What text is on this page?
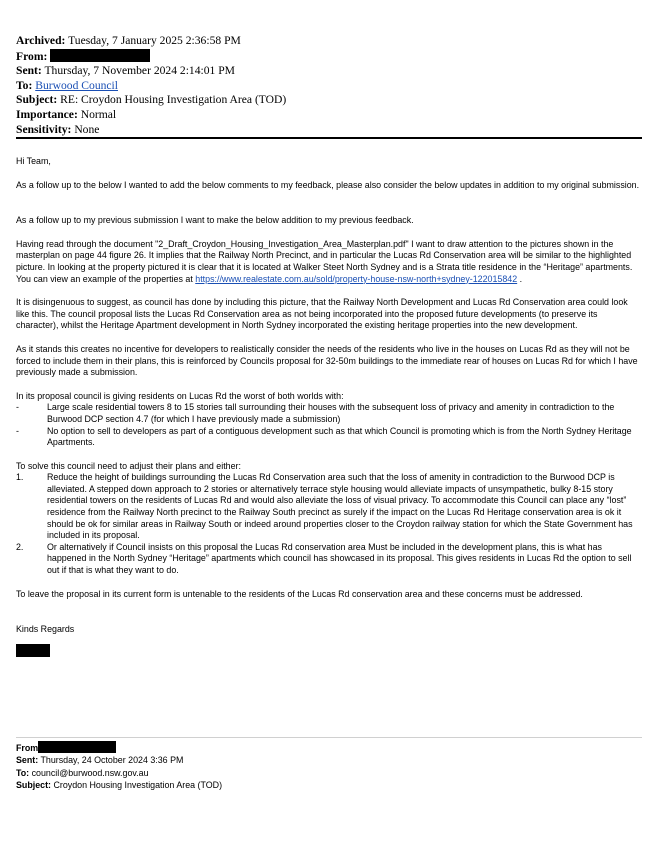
Archived: Tuesday, 7 January 2025 2:36:58 PM
From:
Sent: Thursday, 7 November 2024 2:14:01 PM
To: Burwood Council
Subject: RE: Croydon Housing Investigation Area (TOD)
Importance: Normal
Sensitivity: None

Hi Team,

As a follow up to the below I wanted to add the below comments to my feedback, please also consider the below updates in addition to my original submission.

As a follow up to my previous submission I want to make the below addition to my previous feedback.

Having read through the document "2_Draft_Croydon_Housing_Investigation_Area_Masterplan.pdf" I want to draw attention to the pictures shown in the masterplan on page 44 figure 26. It implies that the Railway North Precinct, and in particular the Lucas Rd Conservation area will be similar to the highlighted picture. In looking at the property pictured it is clear that it is located at Walker Steet North Sydney and is a Strata title residence in the “Heritage” apartments. You can view an example of the properties at https://www.realestate.com.au/sold/property-house-nsw-north+sydney-122015842 .

It is disingenuous to suggest, as council has done by including this picture, that the Railway North Development and Lucas Rd Conservation area could look like this. The council proposal lists the Lucas Rd Conservation area as not being incorporated into the proposed future developments (to preserve its character), whilst the Heritage Apartment development in North Sydney incorporated the existing heritage properties into the new development.

As it stands this creates no incentive for developers to realistically consider the needs of the residents who live in the houses on Lucas Rd as they will not be forced to include them in their plans, this is reinforced by Councils proposal for 32-50m buildings to the immediate rear of houses on Lucas Rd for which I have previously made a submission.

In its proposal council is giving residents on Lucas Rd the worst of both worlds with:

-	Large scale residential towers 8 to 15 stories tall surrounding their houses with the subsequent loss of privacy and amenity in contradiction to the Burwood DCP section 4.7 (for which I have previously made a submission)
-	No option to sell to developers as part of a contiguous development such as that which Council is promoting which is from the North Sydney Heritage Apartments.

To solve this council need to adjust their plans and either:

1.	Reduce the height of buildings surrounding the Lucas Rd Conservation area such that the loss of amenity in contradiction to the Burwood DCP is alleviated. A stepped down approach to 2 stories or alternatively terrace style housing would alleviate impacts of unsympathetic, bulky 8-15 story residential towers on the residents of Lucas Rd and would also alleviate the loss of visual privacy. To accommodate this Council can place any “lost” residence from the Railway North precinct to the Railway South precinct as surely if the impact on the Lucas Rd Heritage conservation area is ok it should be ok for similar areas in Railway South or indeed around properties closer to the Croydon railway station for which the State Government has included in its proposal.
2.	Or alternatively if Council insists on this proposal the Lucas Rd conservation area Must be included in the development plans, this is what has happened in the North Sydney “Heritage” apartments which council has showcased in its proposal. This gives residents in Lucas Rd the option to sell out if that is what they want to do.

To leave the proposal in its current form is untenable to the residents of the Lucas Rd conservation area and these concerns must be addressed.

Kinds Regards

From
Sent: Thursday, 24 October 2024 3:36 PM
To: council@burwood.nsw.gov.au
Subject: Croydon Housing Investigation Area (TOD)
